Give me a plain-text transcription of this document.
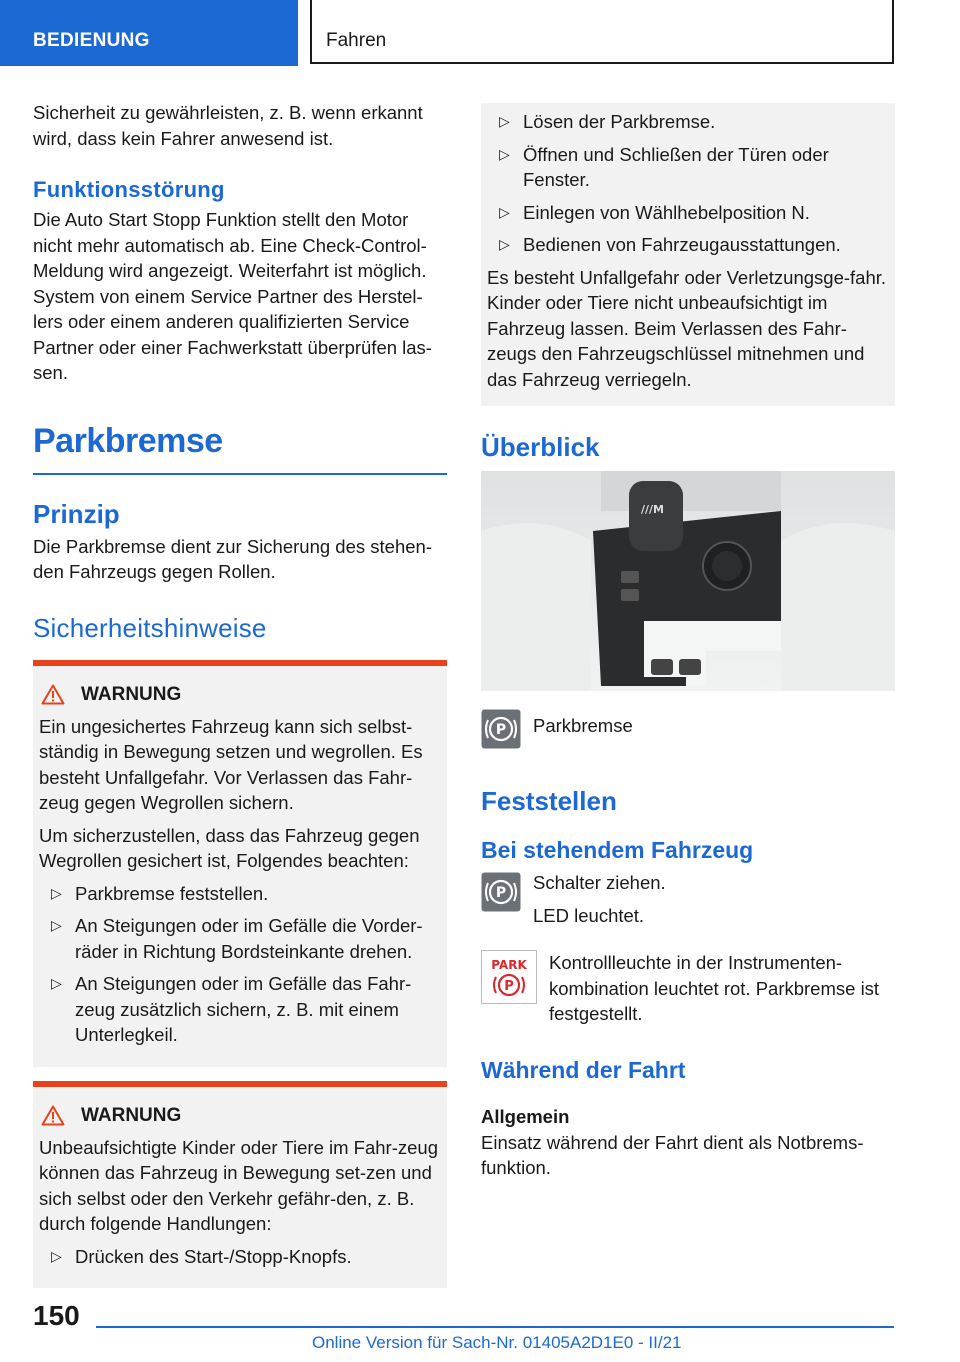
BEDIENUNG	Fahren

Sicherheit zu gewährleisten, z. B. wenn erkannt wird, dass kein Fahrer anwesend ist.

Funktionsstörung

Die Auto Start Stopp Funktion stellt den Motor nicht mehr automatisch ab. Eine Check-Control-Meldung wird angezeigt. Weiterfahrt ist möglich. System von einem Service Partner des Herstel-lers oder einem anderen qualifizierten Service Partner oder einer Fachwerkstatt überprüfen las-sen.

Parkbremse
Prinzip

Die Parkbremse dient zur Sicherung des stehen-den Fahrzeugs gegen Rollen.

Sicherheitshinweise
WARNUNG

Ein ungesichertes Fahrzeug kann sich selbst-ständig in Bewegung setzen und wegrollen. Es besteht Unfallgefahr. Vor Verlassen das Fahr-zeug gegen Wegrollen sichern.

Um sicherzustellen, dass das Fahrzeug gegen Wegrollen gesichert ist, Folgendes beachten:

▷ Parkbremse feststellen.
▷ An Steigungen oder im Gefälle die Vorder-räder in Richtung Bordsteinkante drehen.
▷ An Steigungen oder im Gefälle das Fahr-zeug zusätzlich sichern, z. B. mit einem Unterlegkeil.
WARNUNG

Unbeaufsichtigte Kinder oder Tiere im Fahr-zeug können das Fahrzeug in Bewegung set-zen und sich selbst oder den Verkehr gefähr-den, z. B. durch folgende Handlungen:

▷ Drücken des Start-/Stopp-Knopfs.
▷ Lösen der Parkbremse.
▷ Öffnen und Schließen der Türen oder Fenster.
▷ Einlegen von Wählhebelposition N.
▷ Bedienen von Fahrzeugausstattungen.

Es besteht Unfallgefahr oder Verletzungsge-fahr. Kinder oder Tiere nicht unbeaufsichtigt im Fahrzeug lassen. Beim Verlassen des Fahr-zeugs den Fahrzeugschlüssel mitnehmen und das Fahrzeug verriegeln.

Überblick
///M
P Parkbremse

Feststellen
Bei stehendem Fahrzeug
P Schalter ziehen.

LED leuchtet.

PARK
P

Kontrollleuchte in der Instrumenten-kombination leuchtet rot. Parkbremse ist festgestellt.

Während der Fahrt
Allgemein

Einsatz während der Fahrt dient als Notbrems-funktion.

150
Online Version für Sach-Nr. 01405A2D1E0 - II/21
